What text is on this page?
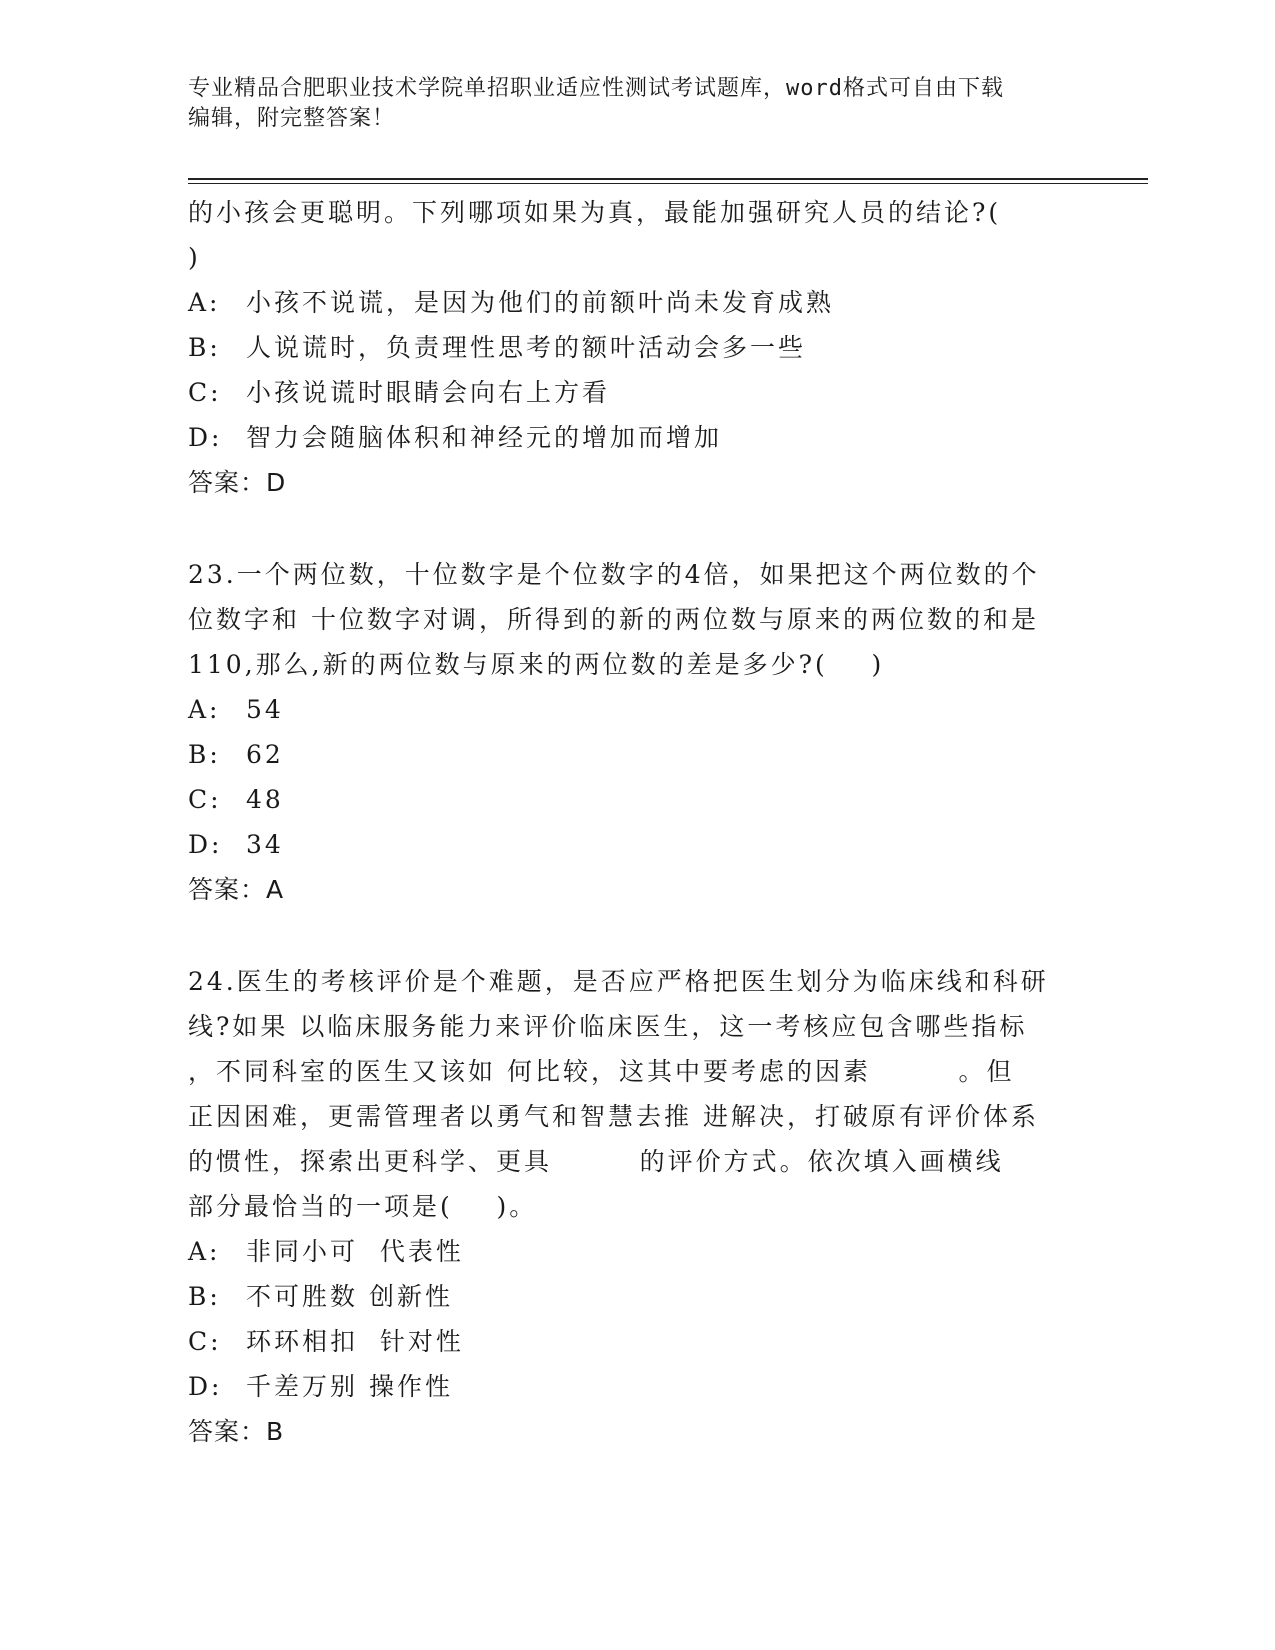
专业精品合肥职业技术学院单招职业适应性测试考试题库，word格式可自由下载
编辑，附完整答案！
的小孩会更聪明。下列哪项如果为真，最能加强研究人员的结论?(
)
A:	小孩不说谎，是因为他们的前额叶尚未发育成熟
B:	人说谎时，负责理性思考的额叶活动会多一些
C: 小孩说谎时眼睛会向右上方看
D: 智力会随脑体积和神经元的增加而增加
答案：D
23.一个两位数，十位数字是个位数字的4倍，如果把这个两位数的个
位数字和 十位数字对调，所得到的新的两位数与原来的两位数的和是
110,那么,新的两位数与原来的两位数的差是多少?(    )
A:	54
B:	62
C: 48
D: 34
答案：A
24.医生的考核评价是个难题，是否应严格把医生划分为临床线和科研
线?如果 以临床服务能力来评价临床医生，这一考核应包含哪些指标
，不同科室的医生又该如 何比较，这其中要考虑的因素        。但
正因困难，更需管理者以勇气和智慧去推 进解决，打破原有评价体系
的惯性，探索出更科学、更具        的评价方式。依次填入画横线
部分最恰当的一项是(    )。
A:	非同小可  代表性
B:	不可胜数 创新性
C: 环环相扣  针对性
D: 千差万别 操作性
答案：B
